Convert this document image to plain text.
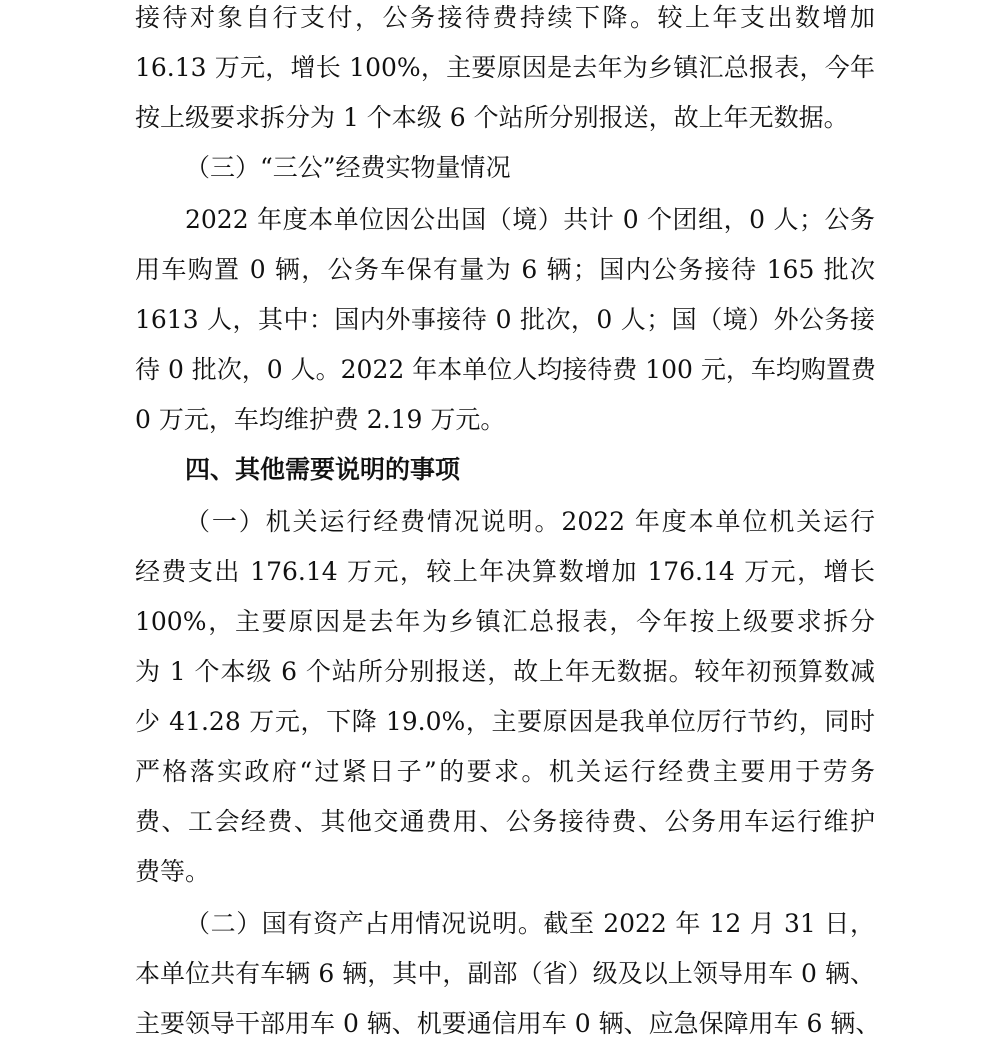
接待对象自行支付，公务接待费持续下降。较上年支出数增加
16.13 万元，增长 100%，主要原因是去年为乡镇汇总报表，今年
按上级要求拆分为 1 个本级 6 个站所分别报送，故上年无数据。
（三）“三公”经费实物量情况
2022 年度本单位因公出国（境）共计 0 个团组，0 人；公务
用车购置 0 辆，公务车保有量为 6 辆；国内公务接待 165 批次
1613 人，其中：国内外事接待 0 批次，0 人；国（境）外公务接
待 0 批次，0 人。2022 年本单位人均接待费 100 元，车均购置费
0 万元，车均维护费 2.19 万元。
四、其他需要说明的事项
（一）机关运行经费情况说明。2022 年度本单位机关运行
经费支出 176.14 万元，较上年决算数增加 176.14 万元，增长
100%，主要原因是去年为乡镇汇总报表，今年按上级要求拆分
为 1 个本级 6 个站所分别报送，故上年无数据。较年初预算数减
少 41.28 万元，下降 19.0%，主要原因是我单位厉行节约，同时
严格落实政府“过紧日子”的要求。机关运行经费主要用于劳务
费、工会经费、其他交通费用、公务接待费、公务用车运行维护
费等。
（二）国有资产占用情况说明。截至 2022 年 12 月 31 日，
本单位共有车辆 6 辆，其中，副部（省）级及以上领导用车 0 辆、
主要领导干部用车 0 辆、机要通信用车 0 辆、应急保障用车 6 辆、
